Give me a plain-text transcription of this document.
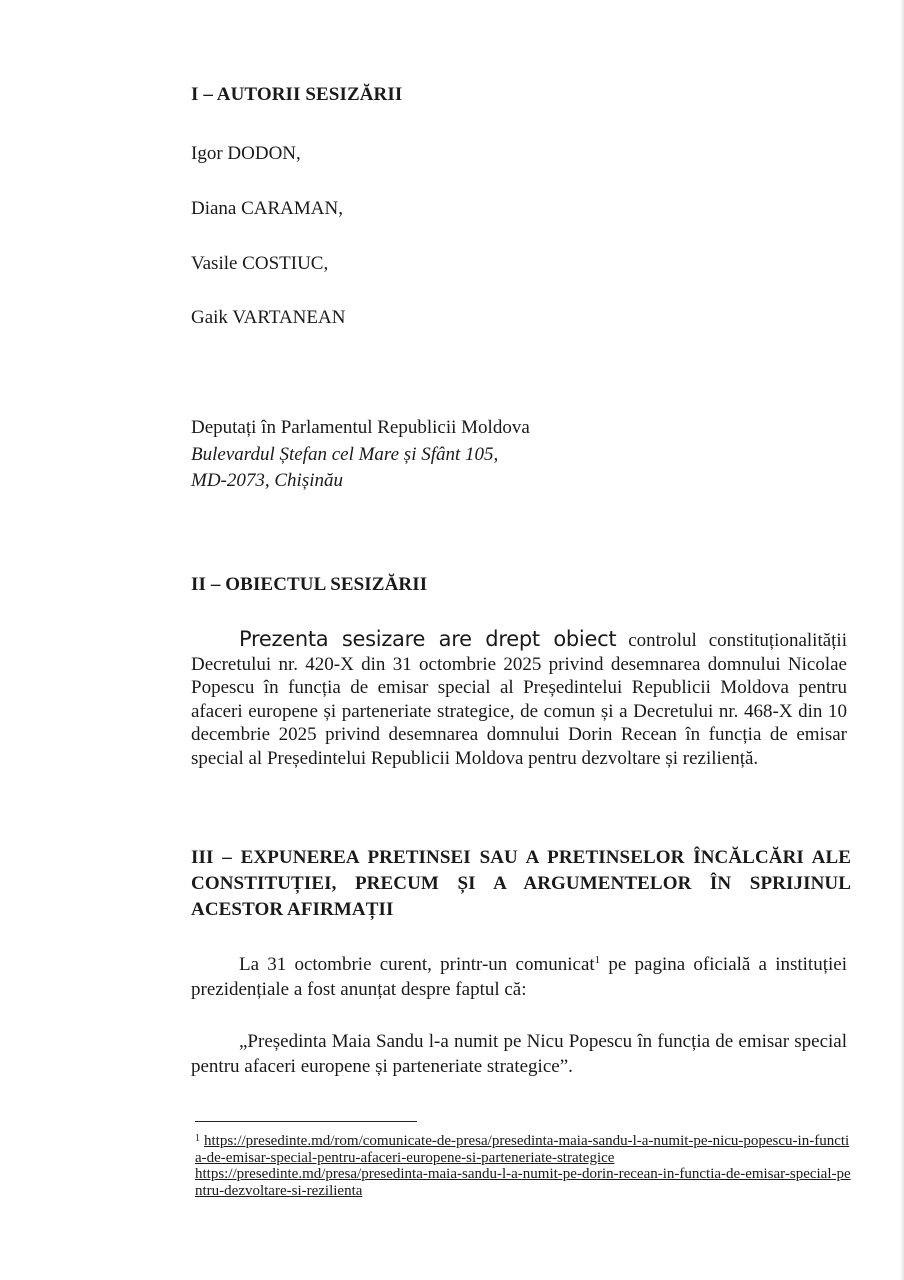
I – AUTORII SESIZĂRII

Igor DODON,

Diana CARAMAN,

Vasile COSTIUC,

Gaik VARTANEAN

Deputați în Parlamentul Republicii Moldova
Bulevardul Ștefan cel Mare și Sfânt 105,
MD-2073, Chișinău

II – OBIECTUL SESIZĂRII

Prezenta sesizare are drept obiect controlul constituționalității Decretului nr. 420-X din 31 octombrie 2025 privind desemnarea domnului Nicolae Popescu în funcția de emisar special al Președintelui Republicii Moldova pentru afaceri europene și parteneriate strategice, de comun și a Decretului nr. 468-X din 10 decembrie 2025 privind desemnarea domnului Dorin Recean în funcția de emisar special al Președintelui Republicii Moldova pentru dezvoltare și reziliență.

III – EXPUNEREA PRETINSEI SAU A PRETINSELOR ÎNCĂLCĂRI ALE CONSTITUȚIEI, PRECUM ȘI A ARGUMENTELOR ÎN SPRIJINUL ACESTOR AFIRMAȚII

La 31 octombrie curent, printr-un comunicat$^1$ pe pagina oficială a instituției prezidențiale a fost anunțat despre faptul că:

„Președinta Maia Sandu l-a numit pe Nicu Popescu în funcția de emisar special pentru afaceri europene și parteneriate strategice”.

$^1$ https://presedinte.md/rom/comunicate-de-presa/presedinta-maia-sandu-l-a-numit-pe-nicu-popescu-in-functia-de-emisar-special-pentru-afaceri-europene-si-parteneriate-strategice
https://presedinte.md/presa/presedinta-maia-sandu-l-a-numit-pe-dorin-recean-in-functia-de-emisar-special-pentru-dezvoltare-si-rezilienta
